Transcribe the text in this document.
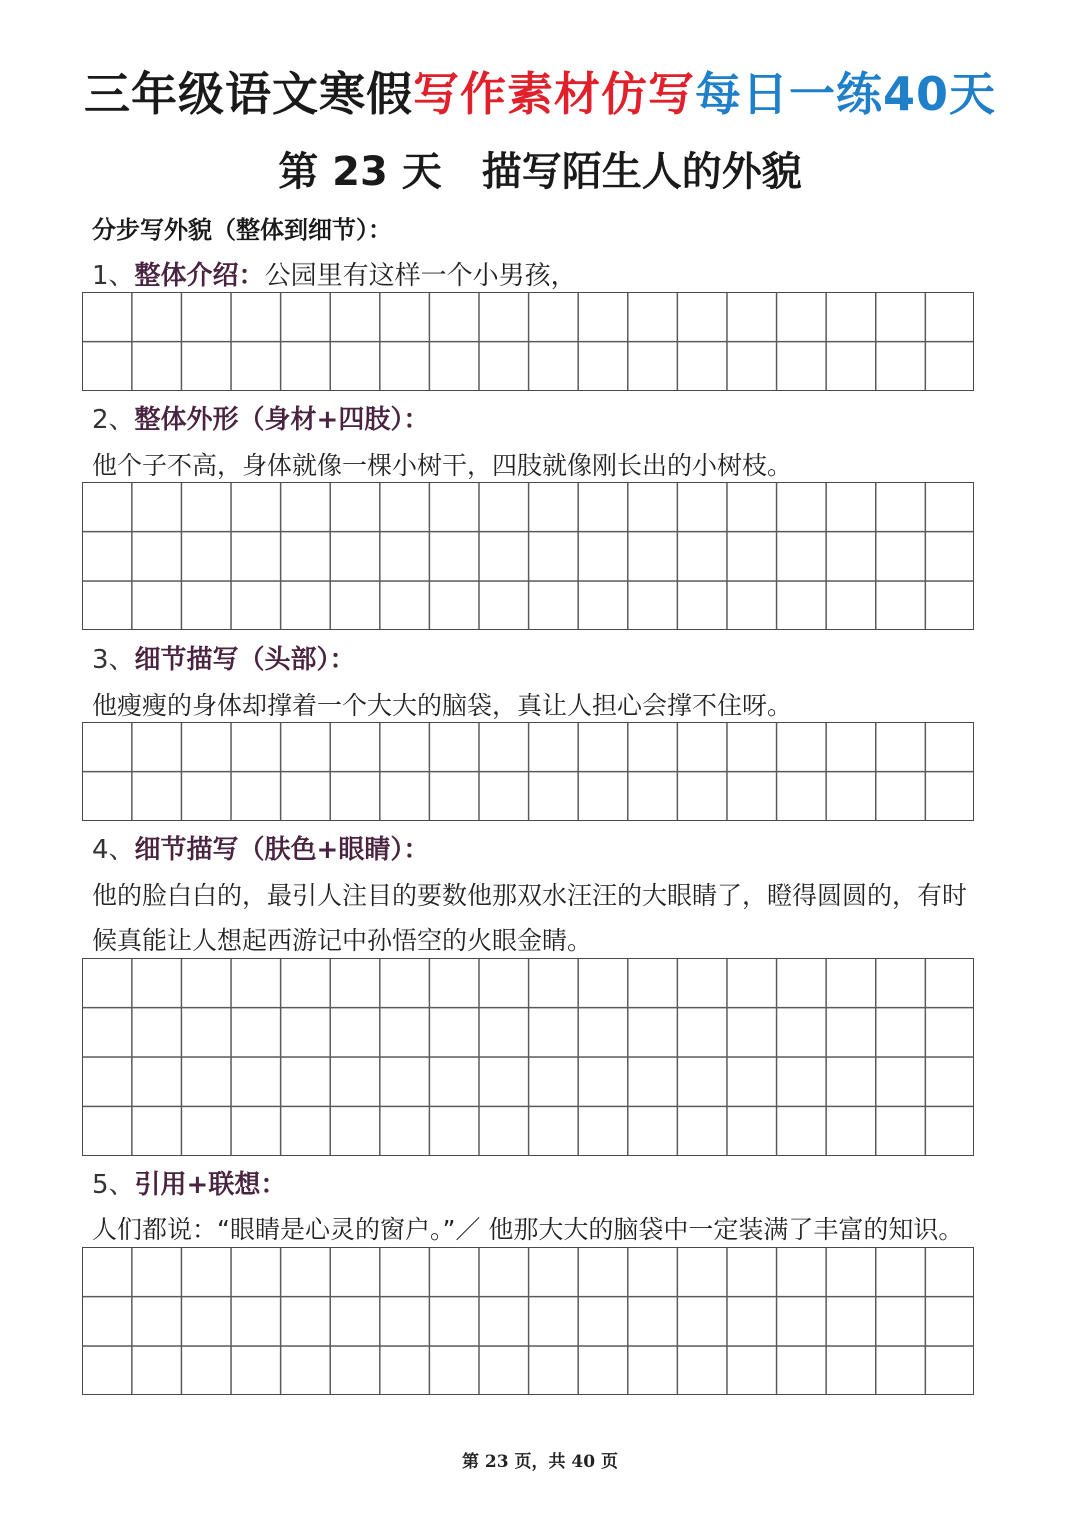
三年级语文寒假写作素材仿写每日一练40天
第 23 天 描写陌生人的外貌
分步写外貌（整体到细节）：
1、整体介绍：公园里有这样一个小男孩，
2、整体外形（身材+四肢）：
他个子不高，身体就像一棵小树干，四肢就像刚长出的小树枝。
3、细节描写（头部）：
他瘦瘦的身体却撑着一个大大的脑袋，真让人担心会撑不住呀。
4、细节描写（肤色+眼睛）：
他的脸白白的，最引人注目的要数他那双水汪汪的大眼睛了，瞪得圆圆的，有时
候真能让人想起西游记中孙悟空的火眼金睛。
5、引用+联想：
人们都说：“眼睛是心灵的窗户。”／ 他那大大的脑袋中一定装满了丰富的知识。
第 23 页，共 40 页
